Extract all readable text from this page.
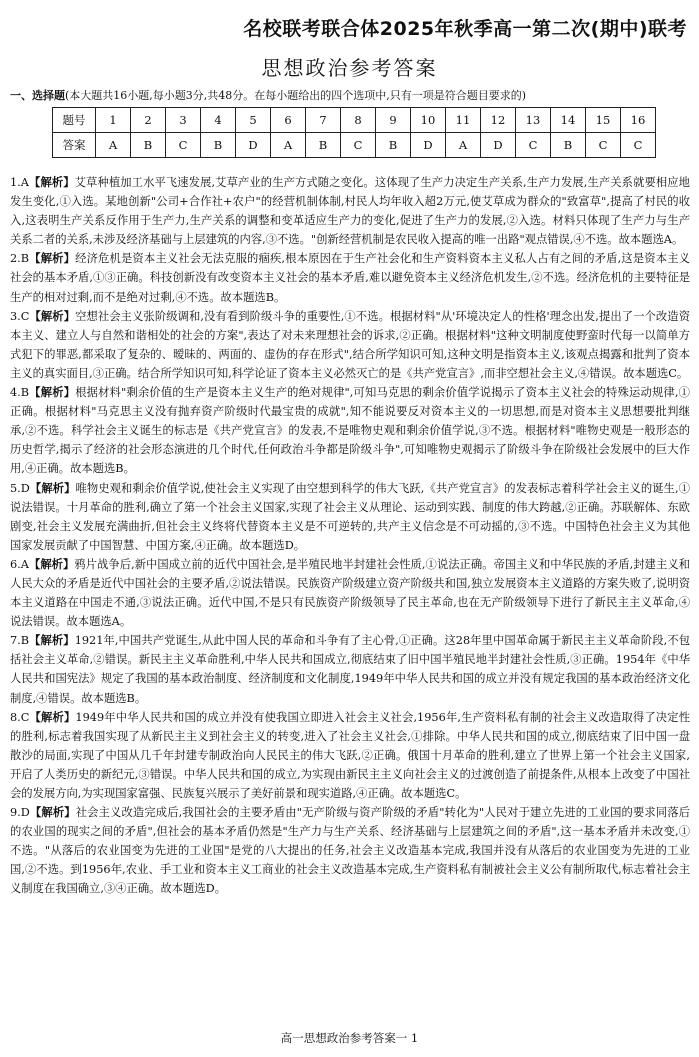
名校联考联合体2025年秋季高一第二次(期中)联考
思想政治参考答案
一、选择题(本大题共16小题,每小题3分,共48分。在每小题给出的四个选项中,只有一项是符合题目要求的)
题号	1	2	3	4	5	6	7	8	9	10	11	12	13	14	15	16
答案	A	B	C	B	D	A	B	C	B	D	A	D	C	B	C	C

1.A【解析】艾草种植加工水平飞速发展,艾草产业的生产方式随之变化。这体现了生产力决定生产关系,生产力发展,生产关系就要相应地发生变化,①入选。某地创新"公司+合作社+农户"的经营机制体制,村民人均年收入超2万元,使艾草成为群众的"致富草",提高了村民的收入,这表明生产关系反作用于生产力,生产关系的调整和变革适应生产力的变化,促进了生产力的发展,②入选。材料只体现了生产力与生产关系二者的关系,未涉及经济基础与上层建筑的内容,③不选。"创新经营机制是农民收入提高的唯一出路"观点错误,④不选。故本题选A。

2.B【解析】经济危机是资本主义社会无法克服的痼疾,根本原因在于生产社会化和生产资料资本主义私人占有之间的矛盾,这是资本主义社会的基本矛盾,①③正确。科技创新没有改变资本主义社会的基本矛盾,难以避免资本主义经济危机发生,②不选。经济危机的主要特征是生产的相对过剩,而不是绝对过剩,④不选。故本题选B。

3.C【解析】空想社会主义张阶级调和,没有看到阶级斗争的重要性,①不选。根据材料"从'环境决定人的性格'理念出发,提出了一个改造资本主义、建立人与自然和谐相处的社会的方案",表达了对未来理想社会的诉求,②正确。根据材料"这种文明制度使野蛮时代每一以简单方式犯下的罪恶,都采取了复杂的、暧昧的、两面的、虚伪的存在形式",结合所学知识可知,这种文明是指资本主义,该观点揭露和批判了资本主义的真实面目,③正确。结合所学知识可知,科学论证了资本主义必然灭亡的是《共产党宣言》,而非空想社会主义,④错误。故本题选C。

4.B【解析】根据材料"剩余价值的生产是资本主义生产的绝对规律",可知马克思的剩余价值学说揭示了资本主义社会的特殊运动规律,①正确。根据材料"马克思主义没有抛弃资产阶级时代最宝贵的成就",知不能说要反对资本主义的一切思想,而是对资本主义思想要批判继承,②不选。科学社会主义诞生的标志是《共产党宣言》的发表,不是唯物史观和剩余价值学说,③不选。根据材料"唯物史观是一般形态的历史哲学,揭示了经济的社会形态演进的几个时代,任何政治斗争都是阶级斗争",可知唯物史观揭示了阶级斗争在阶级社会发展中的巨大作用,④正确。故本题选B。

5.D【解析】唯物史观和剩余价值学说,使社会主义实现了由空想到科学的伟大飞跃,《共产党宣言》的发表标志着科学社会主义的诞生,①说法错误。十月革命的胜利,确立了第一个社会主义国家,实现了社会主义从理论、运动到实践、制度的伟大跨越,②正确。苏联解体、东欧剧变,社会主义发展充满曲折,但社会主义终将代替资本主义是不可逆转的,共产主义信念是不可动摇的,③不选。中国特色社会主义为其他国家发展贡献了中国智慧、中国方案,④正确。故本题选D。

6.A【解析】鸦片战争后,新中国成立前的近代中国社会,是半殖民地半封建社会性质,①说法正确。帝国主义和中华民族的矛盾,封建主义和人民大众的矛盾是近代中国社会的主要矛盾,②说法错误。民族资产阶级建立资产阶级共和国,独立发展资本主义道路的方案失败了,说明资本主义道路在中国走不通,③说法正确。近代中国,不是只有民族资产阶级领导了民主革命,也在无产阶级领导下进行了新民主主义革命,④说法错误。故本题选A。

7.B【解析】1921年,中国共产党诞生,从此中国人民的革命和斗争有了主心骨,①正确。这28年里中国革命属于新民主主义革命阶段,不包括社会主义革命,②错误。新民主主义革命胜利,中华人民共和国成立,彻底结束了旧中国半殖民地半封建社会性质,③正确。1954年《中华人民共和国宪法》规定了我国的基本政治制度、经济制度和文化制度,1949年中华人民共和国的成立并没有规定我国的基本政治经济文化制度,④错误。故本题选B。

8.C【解析】1949年中华人民共和国的成立并没有使我国立即进入社会主义社会,1956年,生产资料私有制的社会主义改造取得了决定性的胜利,标志着我国实现了从新民主主义到社会主义的转变,进入了社会主义社会,①排除。中华人民共和国的成立,彻底结束了旧中国一盘散沙的局面,实现了中国从几千年封建专制政治向人民民主的伟大飞跃,②正确。俄国十月革命的胜利,建立了世界上第一个社会主义国家,开启了人类历史的新纪元,③错误。中华人民共和国的成立,为实现由新民主主义向社会主义的过渡创造了前提条件,从根本上改变了中国社会的发展方向,为实现国家富强、民族复兴展示了美好前景和现实道路,④正确。故本题选C。

9.D【解析】社会主义改造完成后,我国社会的主要矛盾由"无产阶级与资产阶级的矛盾"转化为"人民对于建立先进的工业国的要求同落后的农业国的现实之间的矛盾",但社会的基本矛盾仍然是"生产力与生产关系、经济基础与上层建筑之间的矛盾",这一基本矛盾并未改变,①不选。"从落后的农业国变为先进的工业国"是党的八大提出的任务,社会主义改造基本完成,我国并没有从落后的农业国变为先进的工业国,②不选。到1956年,农业、手工业和资本主义工商业的社会主义改造基本完成,生产资料私有制被社会主义公有制所取代,标志着社会主义制度在我国确立,③④正确。故本题选D。

高一思想政治参考答案一 1
